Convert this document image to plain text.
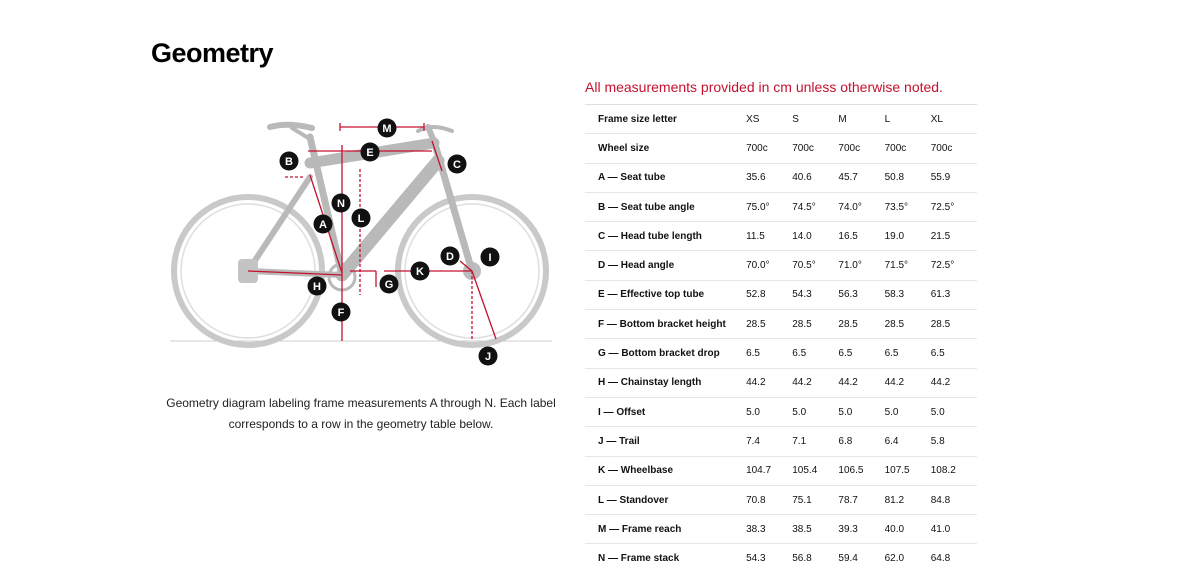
Geometry
M
E
B	C
N
L
A
D	I
K
H	G
F
J
Geometry diagram labeling frame measurements A through N. Each label
corresponds to a row in the geometry table below.
All measurements provided in cm unless otherwise noted.
Frame size letter	XS	S	M	L	XL
Wheel size	700c	700c	700c	700c	700c
A — Seat tube	35.6	40.6	45.7	50.8	55.9
B — Seat tube angle	75.0°	74.5°	74.0°	73.5°	72.5°
C — Head tube length	11.5	14.0	16.5	19.0	21.5
D — Head angle	70.0°	70.5°	71.0°	71.5°	72.5°
E — Effective top tube	52.8	54.3	56.3	58.3	61.3
F — Bottom bracket height	28.5	28.5	28.5	28.5	28.5
G — Bottom bracket drop	6.5	6.5	6.5	6.5	6.5
H — Chainstay length	44.2	44.2	44.2	44.2	44.2
I — Offset	5.0	5.0	5.0	5.0	5.0
J — Trail	7.4	7.1	6.8	6.4	5.8
K — Wheelbase	104.7	105.4	106.5	107.5	108.2
L — Standover	70.8	75.1	78.7	81.2	84.8
M — Frame reach	38.3	38.5	39.3	40.0	41.0
N — Frame stack	54.3	56.8	59.4	62.0	64.8
